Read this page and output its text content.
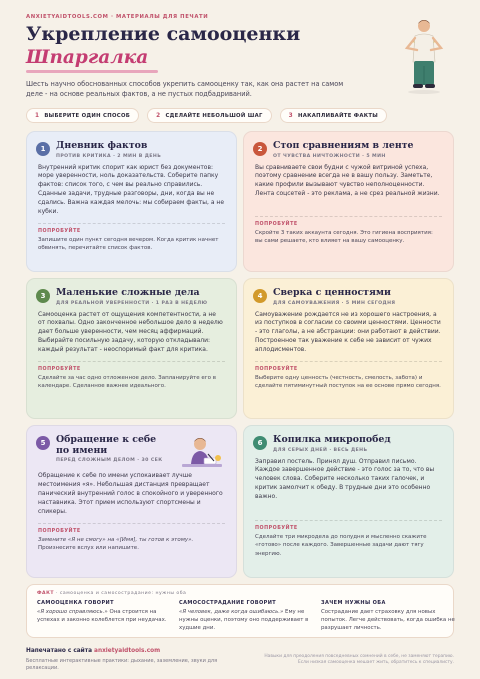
ANXIETYAIDTOOLS.COM · МАТЕРИАЛЫ ДЛЯ ПЕЧАТИ
Укрепление самооценки
Шпаргалка
Шесть научно обоснованных способов укрепить самооценку так, как она растет на самом деле - на основе реальных фактов, а не пустых подбадриваний.
1 ВЫБЕРИТЕ ОДИН СПОСОБ	2 СДЕЛАЙТЕ НЕБОЛЬШОЙ ШАГ	3 НАКАПЛИВАЙТЕ ФАКТЫ
1	Дневник фактов
ПРОТИВ КРИТИКА · 2 МИН В ДЕНЬ
Внутренний критик спорит как юрист без документов: море уверенности, ноль доказательств. Соберите папку фактов: список того, с чем вы реально справились. Сданные задачи, трудные разговоры, дни, когда вы не сдались. Важна каждая мелочь: мы собираем факты, а не кубки.
ПОПРОБУЙТЕ
Запишите один пункт сегодня вечером. Когда критик начнет обвинять, перечитайте список фактов.
2	Стоп сравнениям в ленте
ОТ ЧУВСТВА НИЧТОЖНОСТИ · 5 МИН
Вы сравниваете свои будни с чужой витриной успеха, поэтому сравнение всегда не в вашу пользу. Заметьте, какие профили вызывают чувство неполноценности. Лента соцсетей - это реклама, а не срез реальной жизни.
ПОПРОБУЙТЕ
Скройте 3 таких аккаунта сегодня. Это гигиена восприятия: вы сами решаете, кто влияет на вашу самооценку.
3	Маленькие сложные дела
ДЛЯ РЕАЛЬНОЙ УВЕРЕННОСТИ · 1 РАЗ В НЕДЕЛЮ
Самооценка растет от ощущения компетентности, а не от похвалы. Одно законченное небольшое дело в неделю дает больше уверенности, чем месяц аффирмаций. Выбирайте посильную задачу, которую откладывали: каждый результат - неоспоримый факт для критика.
ПОПРОБУЙТЕ
Сделайте за час одно отложенное дело. Запланируйте его в календаре. Сделанное важнее идеального.
4	Сверка с ценностями
ДЛЯ САМОУВАЖЕНИЯ · 5 МИН СЕГОДНЯ
Самоуважение рождается не из хорошего настроения, а из поступков в согласии со своими ценностями. Ценности - это глаголы, а не абстракции: они работают в действии. Построенное так уважение к себе не зависит от чужих аплодисментов.
ПОПРОБУЙТЕ
Выберите одну ценность (честность, смелость, забота) и сделайте пятиминутный поступок на ее основе прямо сегодня.
5	Обращение к себе по имени
ПЕРЕД СЛОЖНЫМ ДЕЛОМ · 30 СЕК
Обращение к себе по имени успокаивает лучше местоимения «я». Небольшая дистанция превращает панический внутренний голос в спокойного и уверенного наставника. Этот прием используют спортсмены и спикеры.
ПОПРОБУЙТЕ
Замените «Я не смогу» на «[Имя], ты готов к этому». Произнесите вслух или напишите.
6	Копилка микропобед
ДЛЯ СЕРЫХ ДНЕЙ · ВЕСЬ ДЕНЬ
Заправил постель. Принял душ. Отправил письмо. Каждое завершенное действие - это голос за то, что вы человек слова. Соберите несколько таких галочек, и критик замолчит к обеду. В трудные дни это особенно важно.
ПОПРОБУЙТЕ
Сделайте три микродела до полудня и мысленно скажите «готово» после каждого. Завершенные задачи дают тягу энергию.
ФАКТ · самооценка и самосострадание: нужны оба
САМООЦЕНКА ГОВОРИТ
«Я хорошо справляюсь.» Она строится на успехах и законно колеблется при неудачах.
САМОСОСТРАДАНИЕ ГОВОРИТ
«Я человек, даже когда ошибаюсь.» Ему не нужны оценки, поэтому оно поддерживает в худшие дни.
ЗАЧЕМ НУЖНЫ ОБА
Сострадание дает страховку для новых попыток. Легче действовать, когда ошибка не разрушает личность.
Напечатано с сайта anxietyaidtools.com
Бесплатные интерактивные практики: дыхание, заземление, звуки для релаксации.
Навыки для преодоления повседневных сомнений в себе, не заменяют терапию. Если низкая самооценка мешает жить, обратитесь к специалисту.
